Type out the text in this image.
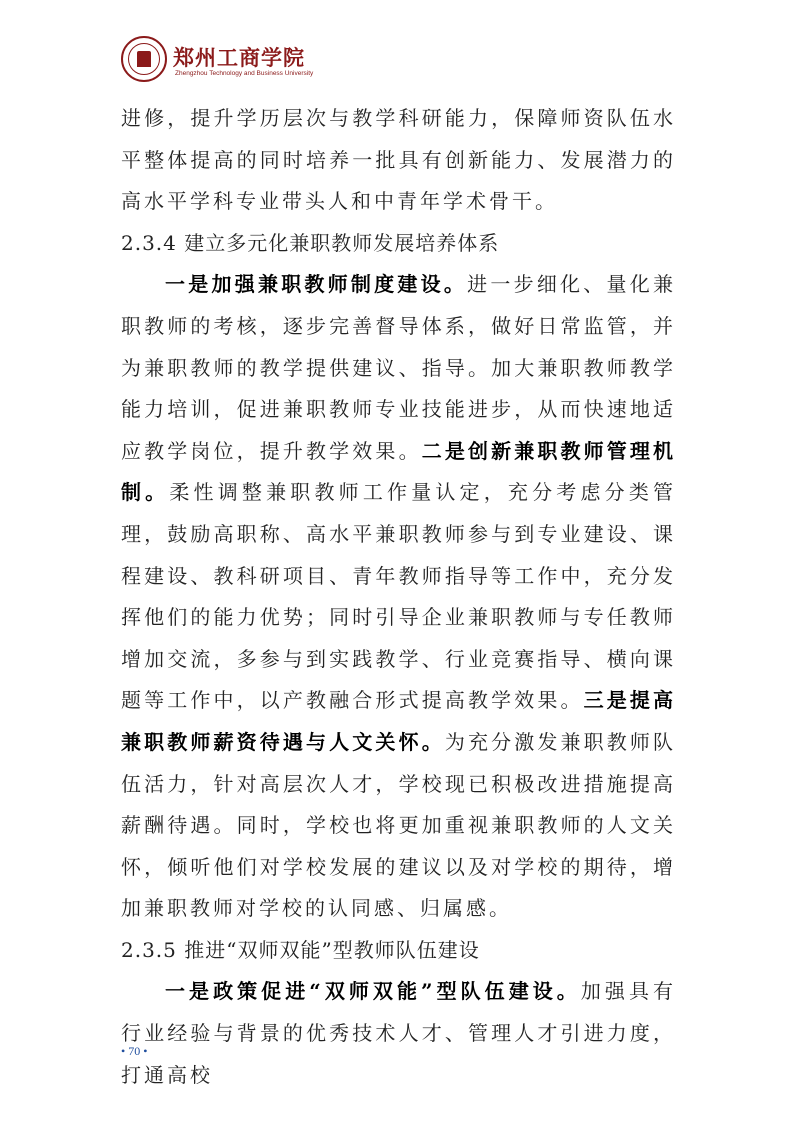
郑州工商学院
Zhengzhou Technology and Business University

进修，提升学历层次与教学科研能力，保障师资队伍水平整体提高的同时培养一批具有创新能力、发展潜力的高水平学科专业带头人和中青年学术骨干。

2.3.4 建立多元化兼职教师发展培养体系

一是加强兼职教师制度建设。进一步细化、量化兼职教师的考核，逐步完善督导体系，做好日常监管，并为兼职教师的教学提供建议、指导。加大兼职教师教学能力培训，促进兼职教师专业技能进步，从而快速地适应教学岗位，提升教学效果。二是创新兼职教师管理机制。柔性调整兼职教师工作量认定，充分考虑分类管理，鼓励高职称、高水平兼职教师参与到专业建设、课程建设、教科研项目、青年教师指导等工作中，充分发挥他们的能力优势；同时引导企业兼职教师与专任教师增加交流，多参与到实践教学、行业竞赛指导、横向课题等工作中，以产教融合形式提高教学效果。三是提高兼职教师薪资待遇与人文关怀。为充分激发兼职教师队伍活力，针对高层次人才，学校现已积极改进措施提高薪酬待遇。同时，学校也将更加重视兼职教师的人文关怀，倾听他们对学校发展的建议以及对学校的期待，增加兼职教师对学校的认同感、归属感。

2.3.5 推进“双师双能”型教师队伍建设

一是政策促进“双师双能”型队伍建设。加强具有行业经验与背景的优秀技术人才、管理人才引进力度，打通高校

• 70 •
